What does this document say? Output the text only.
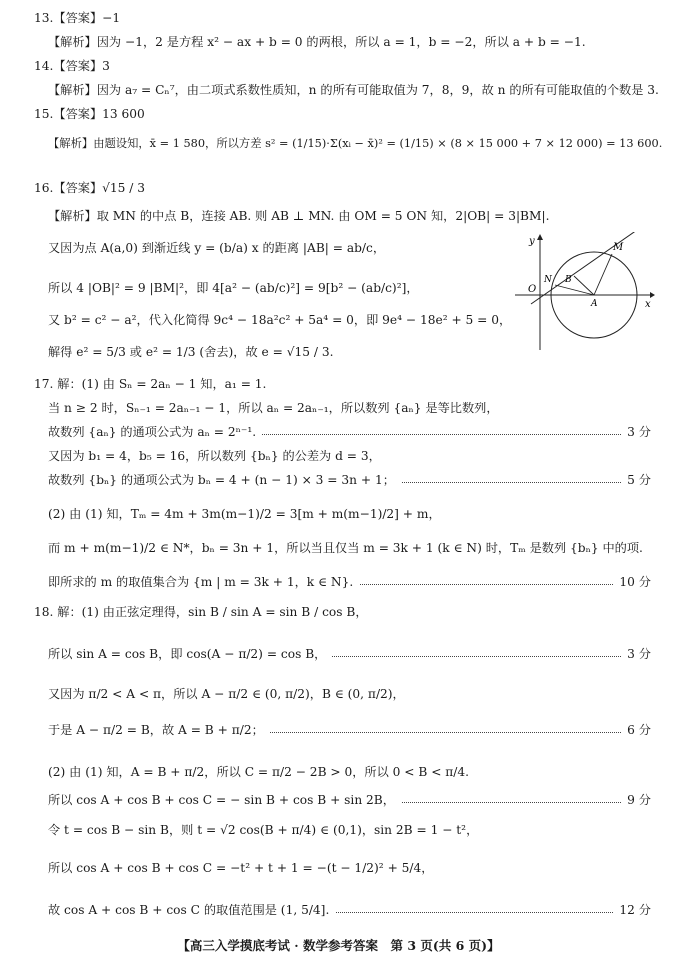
13.【答案】−1
【解析】因为 −1，2 是方程 x² − ax + b = 0 的两根，所以 a = 1，b = −2，所以 a + b = −1.
14.【答案】3
【解析】因为 a₇ = Cₙ⁷，由二项式系数性质知，n 的所有可能取值为 7，8，9，故 n 的所有可能取值的个数是 3.
15.【答案】13 600
【解析】由题设知，x̄ = 1 580，所以方差 s² = (1/15)·Σ(xᵢ − x̄)² = (1/15) × (8 × 15 000 + 7 × 12 000) = 13 600.
16.【答案】√15 / 3
【解析】取 MN 的中点 B，连接 AB. 则 AB ⊥ MN. 由 OM = 5 ON 知，2|OB| = 3|BM|.
又因为点 A(a,0) 到渐近线 y = (b/a) x 的距离 |AB| = ab/c，
所以 4 |OB|² = 9 |BM|²，即 4[a² − (ab/c)²] = 9[b² − (ab/c)²]，
又 b² = c² − a²，代入化简得 9c⁴ − 18a²c² + 5a⁴ = 0，即 9e⁴ − 18e² + 5 = 0，
解得 e² = 5/3 或 e² = 1/3 (舍去)，故 e = √15 / 3.
17. 解：(1) 由 Sₙ = 2aₙ − 1 知，a₁ = 1.
当 n ≥ 2 时，Sₙ₋₁ = 2aₙ₋₁ − 1，所以 aₙ = 2aₙ₋₁，所以数列 {aₙ} 是等比数列，
又因为 b₁ = 4，b₅ = 16，所以数列 {bₙ} 的公差为 d = 3，
(2) 由 (1) 知，Tₘ = 4m + 3m(m−1)/2 = 3[m + m(m−1)/2] + m，
而 m + m(m−1)/2 ∈ N*，bₙ = 3n + 1，所以当且仅当 m = 3k + 1 (k ∈ N) 时，Tₘ 是数列 {bₙ} 中的项.
18. 解：(1) 由正弦定理得，sin B / sin A = sin B / cos B，
又因为 π/2 < A < π，所以 A − π/2 ∈ (0, π/2)，B ∈ (0, π/2)，
(2) 由 (1) 知，A = B + π/2，所以 C = π/2 − 2B > 0，所以 0 < B < π/4.
令 t = cos B − sin B，则 t = √2 cos(B + π/4) ∈ (0,1)，sin 2B = 1 − t²，
所以 cos A + cos B + cos C = −t² + t + 1 = −(t − 1/2)² + 5/4，
故数列 {aₙ} 的通项公式为 aₙ = 2ⁿ⁻¹.	3 分
故数列 {bₙ} 的通项公式为 bₙ = 4 + (n − 1) × 3 = 3n + 1；	5 分
即所求的 m 的取值集合为 {m | m = 3k + 1，k ∈ N}.	10 分
所以 sin A = cos B，即 cos(A − π/2) = cos B，	3 分
于是 A − π/2 = B，故 A = B + π/2；	6 分
所以 cos A + cos B + cos C = − sin B + cos B + sin 2B，	9 分
故 cos A + cos B + cos C 的取值范围是 (1, 5/4].	12 分
y
x
O
N
M
B
A
【高三入学摸底考试 · 数学参考答案　第 3 页(共 6 页)】
